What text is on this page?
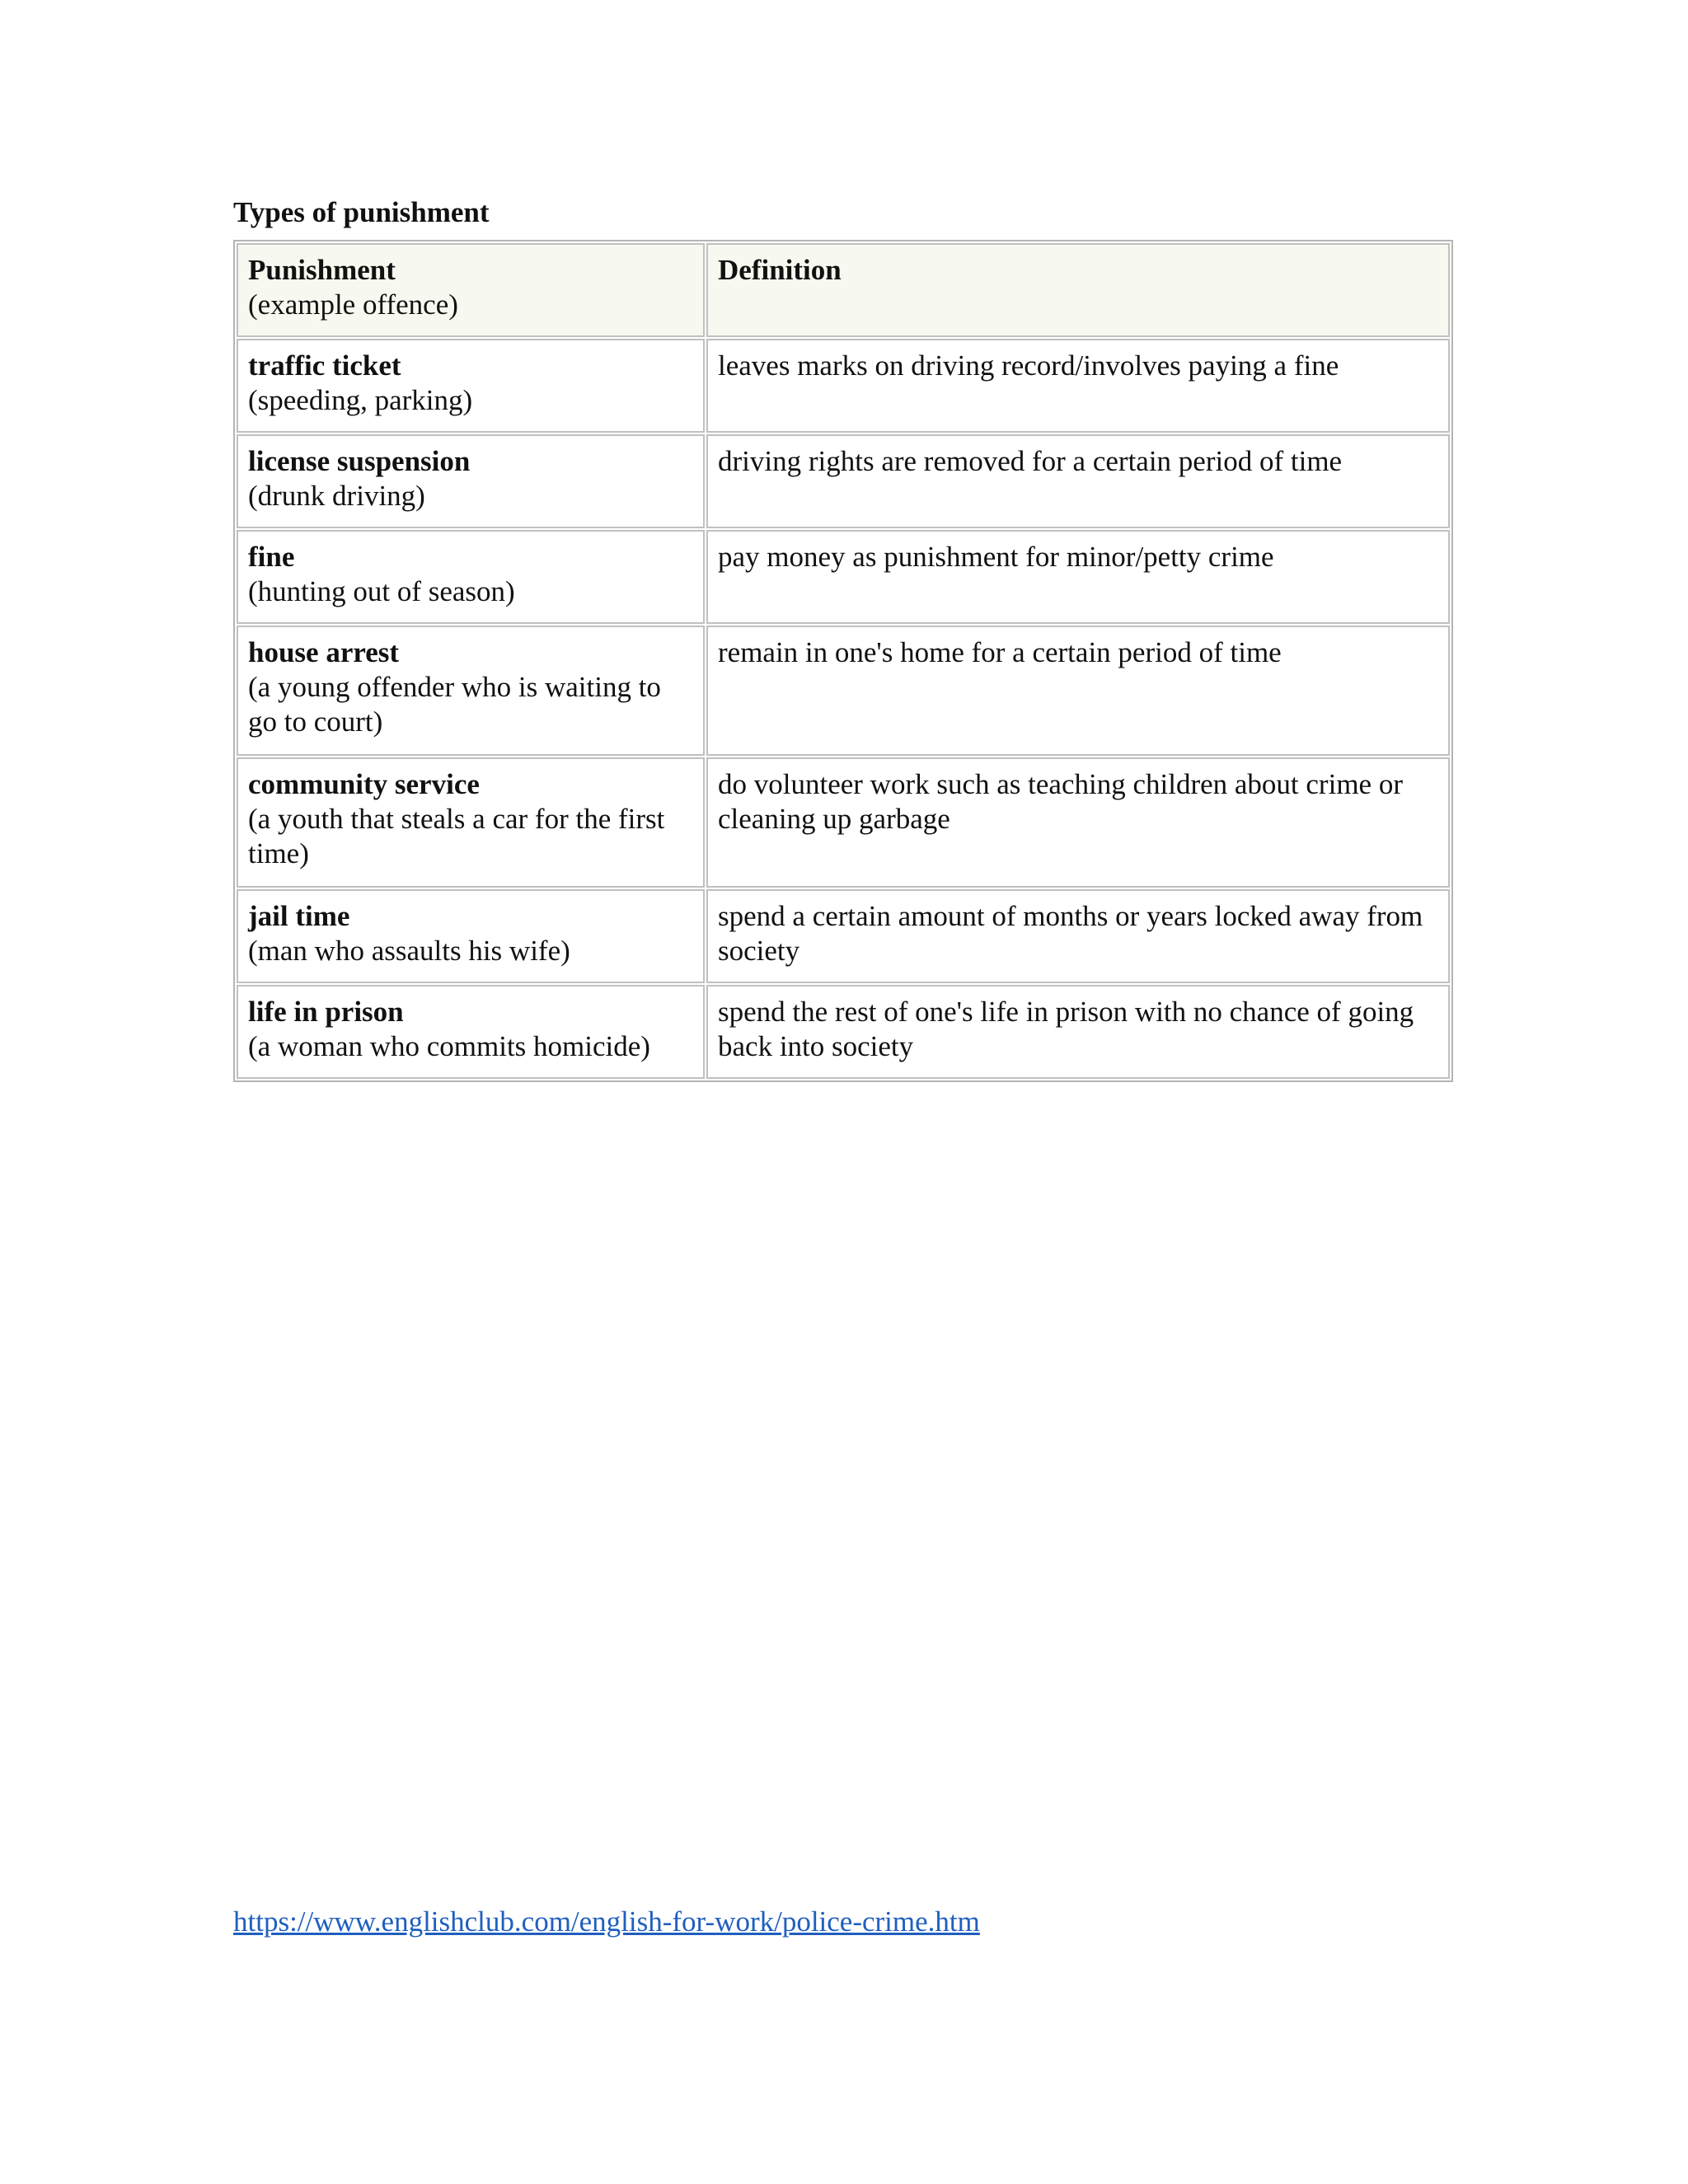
Types of punishment
Punishment
(example offence)	Definition

traffic ticket
(speeding, parking)	leaves marks on driving record/involves paying a fine

license suspension
(drunk driving)	driving rights are removed for a certain period of time

fine
(hunting out of season)	pay money as punishment for minor/petty crime

house arrest
(a young offender who is waiting to go to court)	remain in one's home for a certain period of time

community service
(a youth that steals a car for the first time)	do volunteer work such as teaching children about crime or cleaning up garbage

jail time
(man who assaults his wife)	spend a certain amount of months or years locked away from society

life in prison
(a woman who commits homicide)	spend the rest of one's life in prison with no chance of going back into society
https://www.englishclub.com/english-for-work/police-crime.htm
